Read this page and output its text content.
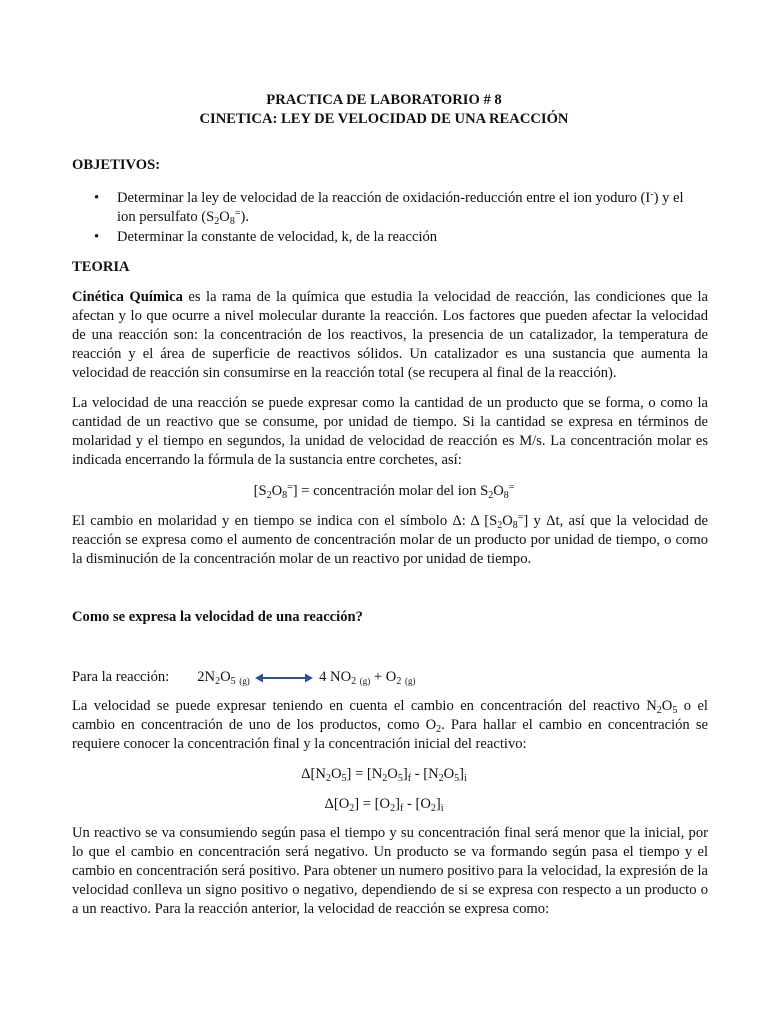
PRACTICA DE LABORATORIO # 8
CINETICA: LEY DE VELOCIDAD DE UNA REACCIÓN
OBJETIVOS:
•	Determinar la ley de velocidad de la reacción de oxidación-reducción entre el ion yoduro (I-) y el
ion persulfato $(S_2O_8^=)$.
•	Determinar la constante de velocidad, k, de la reacción
TEORIA
Cinética Química es la rama de la química que estudia la velocidad de reacción, las condiciones que la afectan y lo que ocurre a nivel molecular durante la reacción. Los factores que pueden afectar la velocidad de una reacción son: la concentración de los reactivos, la presencia de un catalizador, la temperatura de reacción y el área de superficie de reactivos sólidos. Un catalizador es una sustancia que aumenta la velocidad de reacción sin consumirse en la reacción total (se recupera al final de la reacción).
La velocidad de una reacción se puede expresar como la cantidad de un producto que se forma, o como la cantidad de un reactivo que se consume, por unidad de tiempo. Si la cantidad se expresa en términos de molaridad y el tiempo en segundos, la unidad de velocidad de reacción es M/s. La concentración molar es indicada encerrando la fórmula de la sustancia entre corchetes, así:
$[S_2O_8^=]$ = concentración molar del ion $S_2O_8^=$
El cambio en molaridad y en tiempo se indica con el símbolo Δ: Δ $[S_2O_8^=]$ y Δt, así que la velocidad de reacción se expresa como el aumento de concentración molar de un producto por unidad de tiempo, o como la disminución de la concentración molar de un reactivo por unidad de tiempo.
Como se expresa la velocidad de una reacción?
Para la reacción: $2N_2O_5$ $_{(g)}$	4 $NO_2$ $_{(g)} + O_2$ $_{(g)}$
La velocidad se puede expresar teniendo en cuenta el cambio en concentración del reactivo $N_2O_5$ o el cambio en concentración de uno de los productos, como $O_2$. Para hallar el cambio en concentración se requiere conocer la concentración final y la concentración inicial del reactivo:
$\Delta[N_2O_5] = [N_2O_5]_f - [N_2O_5]_i$
$\Delta[O_2] = [O_2]_f - [O_2]_i$
Un reactivo se va consumiendo según pasa el tiempo y su concentración final será menor que la inicial, por lo que el cambio en concentración será negativo. Un producto se va formando según pasa el tiempo y el cambio en concentración será positivo. Para obtener un numero positivo para la velocidad, la expresión de la velocidad conlleva un signo positivo o negativo, dependiendo de si se expresa con respecto a un producto o a un reactivo. Para la reacción anterior, la velocidad de reacción se expresa como:
